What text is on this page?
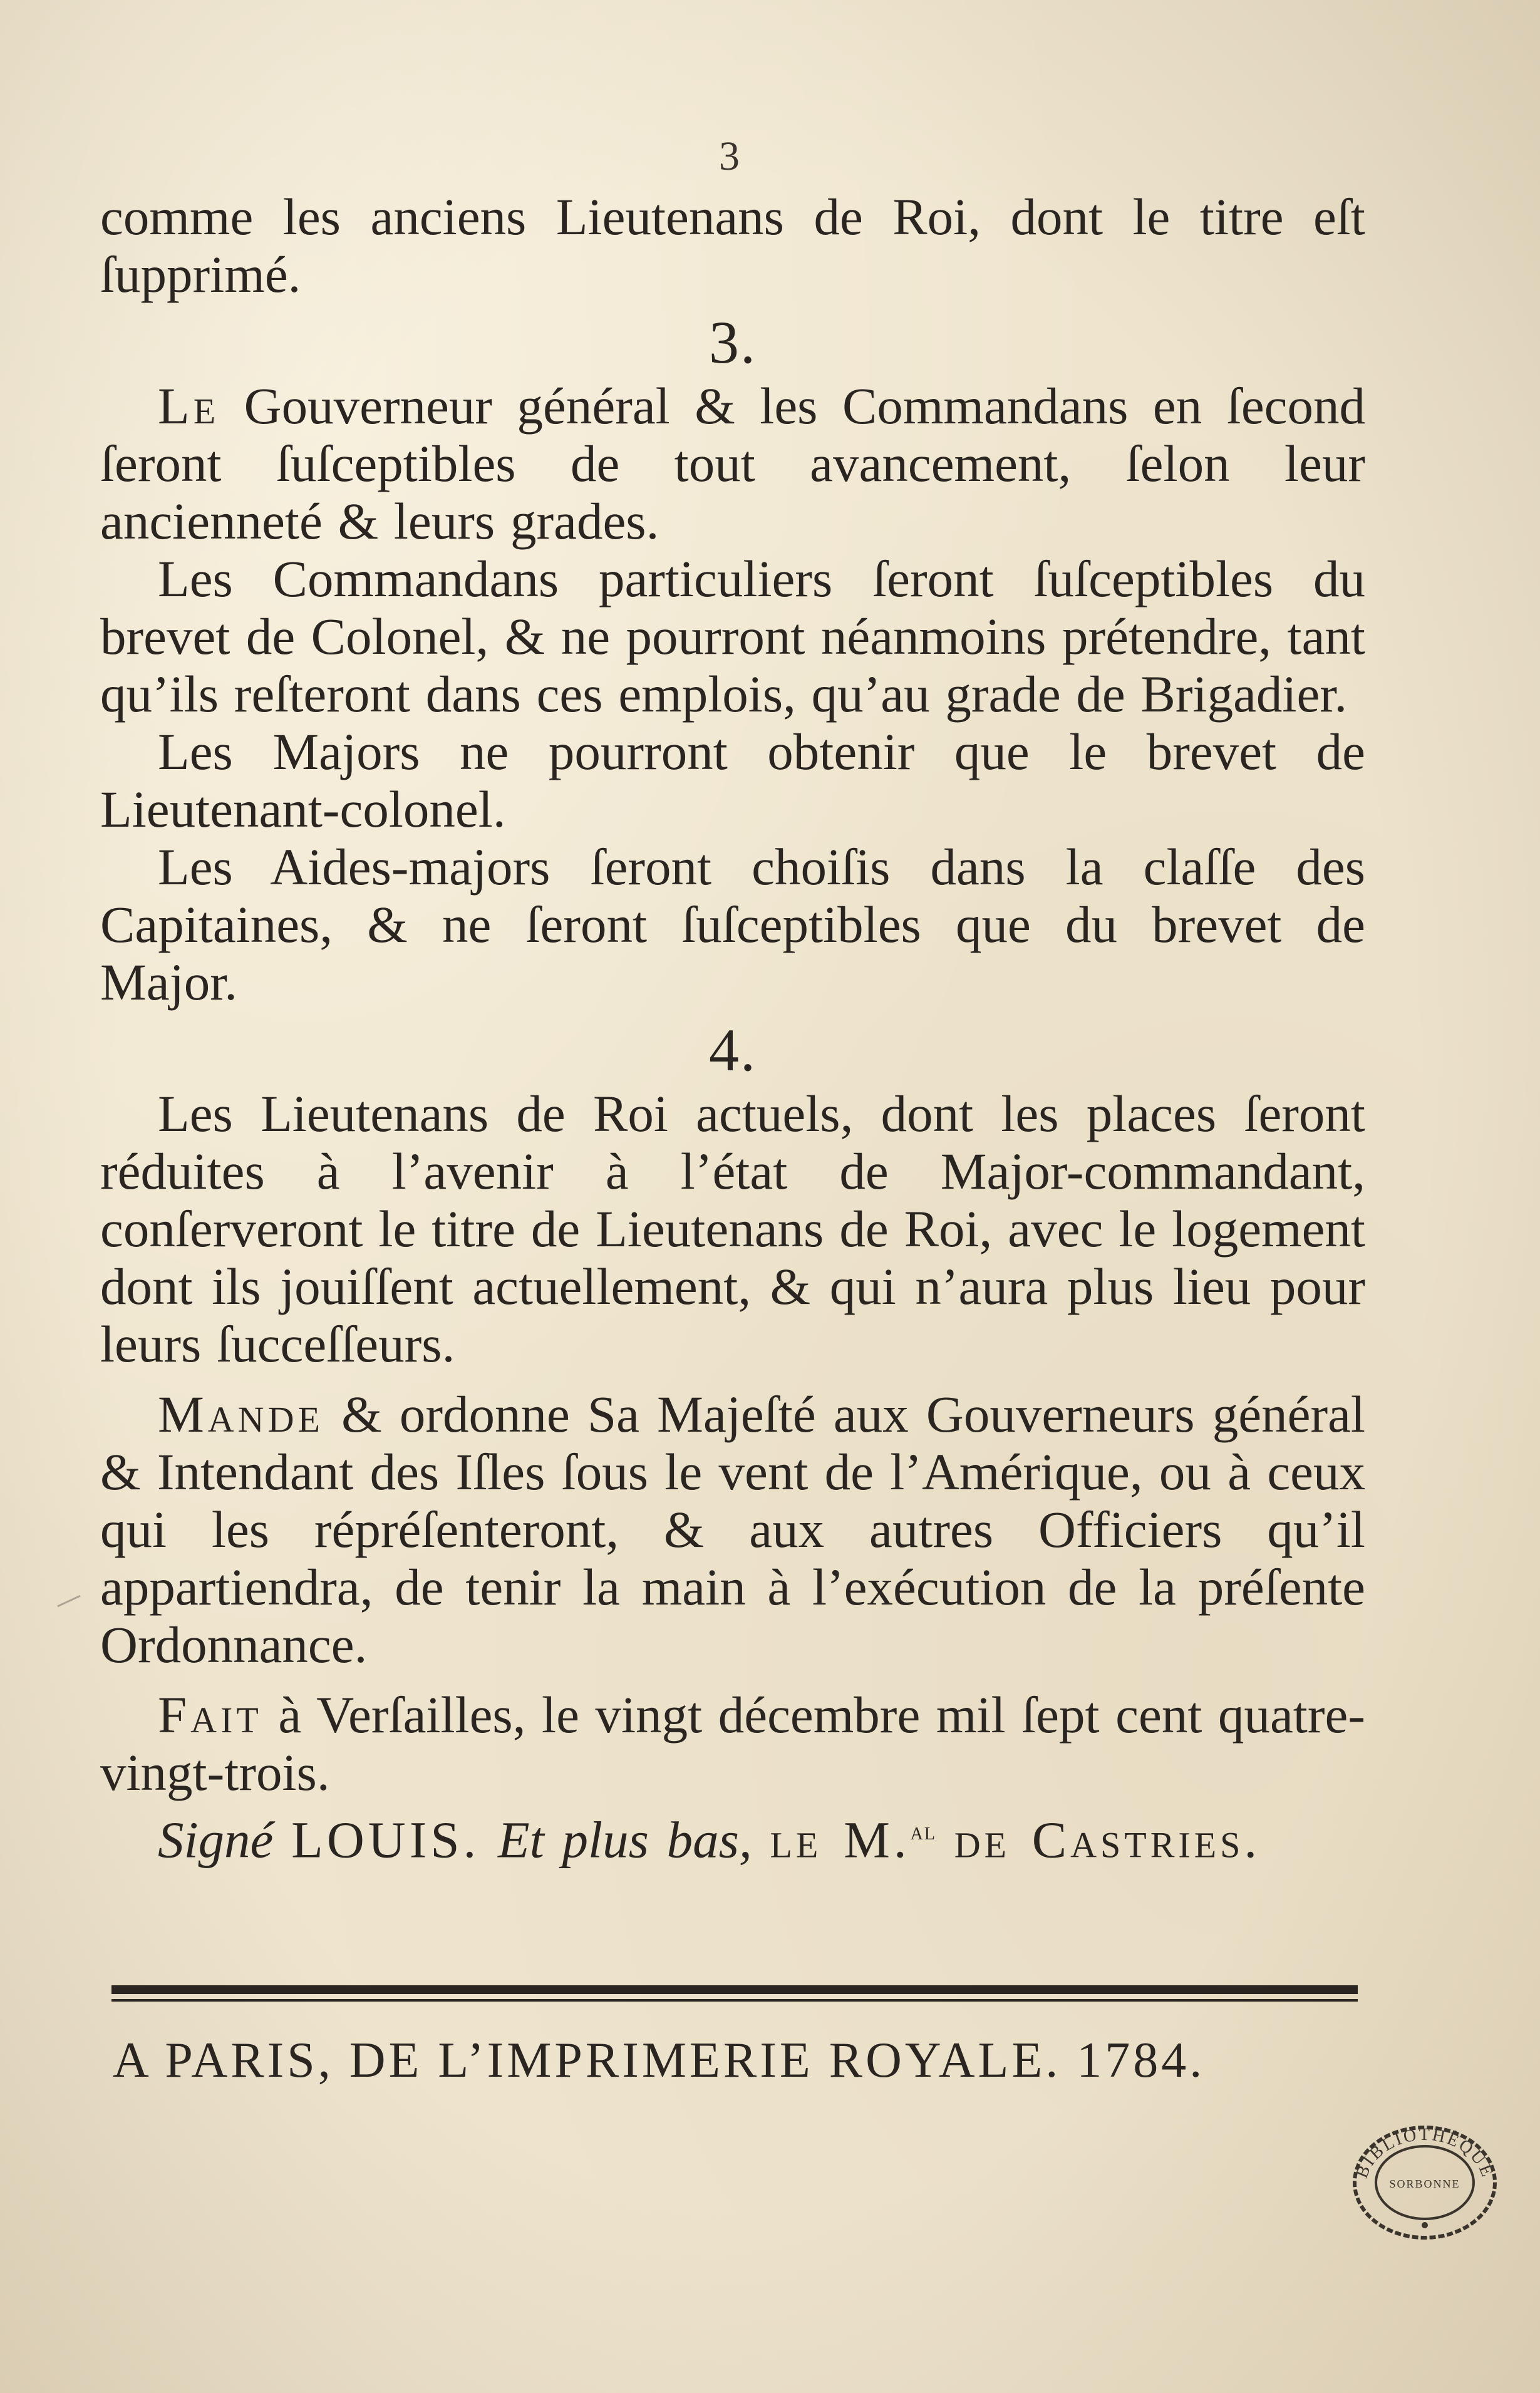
3

comme les anciens Lieutenans de Roi, dont le titre eſt ſupprimé.

3.

Le Gouverneur général & les Commandans en ſecond ſeront ſuſceptibles de tout avancement, ſelon leur ancienneté & leurs grades.

Les Commandans particuliers ſeront ſuſceptibles du brevet de Colonel, & ne pourront néanmoins prétendre, tant qu’ils reſteront dans ces emplois, qu’au grade de Brigadier.

Les Majors ne pourront obtenir que le brevet de Lieutenant-colonel.

Les Aides-majors ſeront choiſis dans la claſſe des Capitaines, & ne ſeront ſuſceptibles que du brevet de Major.

4.

Les Lieutenans de Roi actuels, dont les places ſeront réduites à l’avenir à l’état de Major-commandant, conſerveront le titre de Lieutenans de Roi, avec le logement dont ils jouiſſent actuellement, & qui n’aura plus lieu pour leurs ſucceſſeurs.

Mande & ordonne Sa Majeſté aux Gouverneurs général & Intendant des Iſles ſous le vent de l’Amérique, ou à ceux qui les répréſenteront, & aux autres Officiers qu’il appartiendra, de tenir la main à l’exécution de la préſente Ordonnance.

Fait à Verſailles, le vingt décembre mil ſept cent quatre-vingt-trois.

Signé LOUIS. Et plus bas, le M.$^{al}$ de Castries.

A PARIS, DE L’IMPRIMERIE ROYALE. 1784.
BIBLIOTHÈQUE
SORBONNE
